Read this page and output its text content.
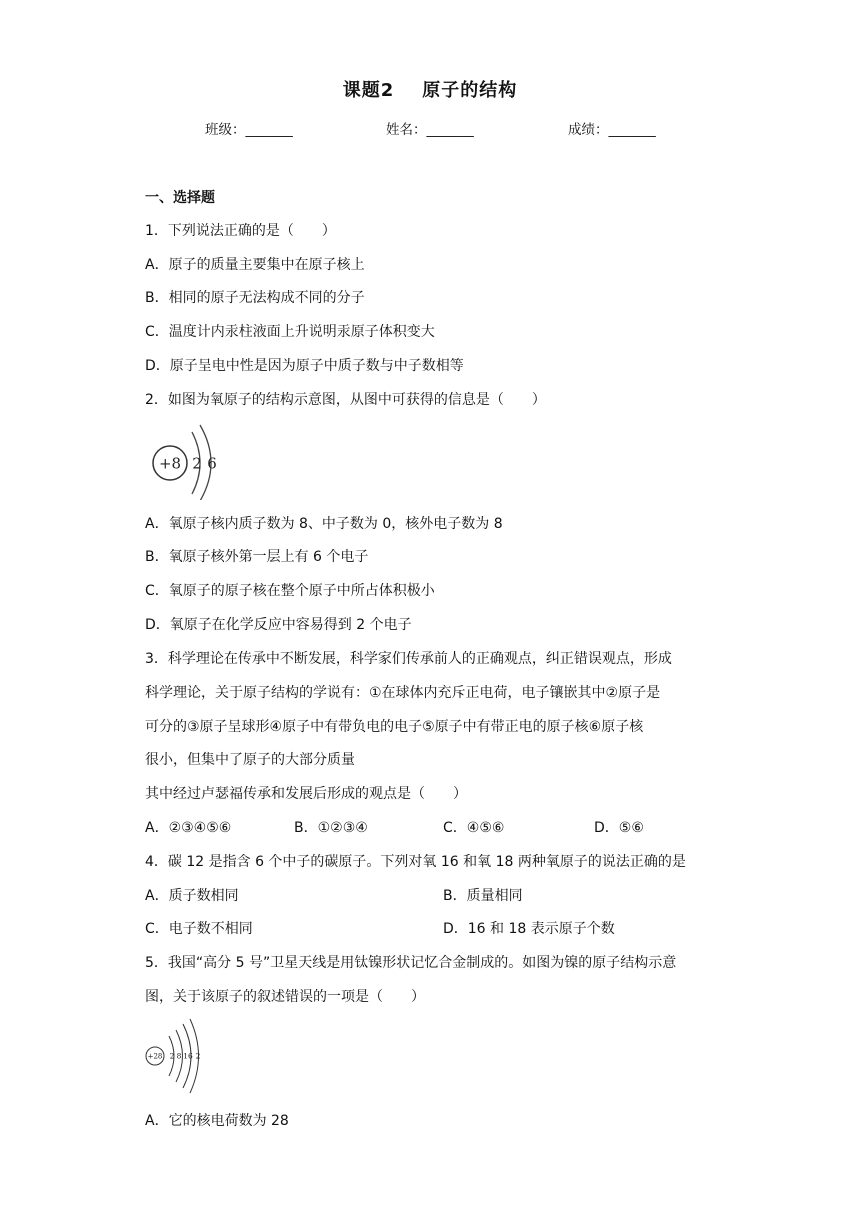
课题2 原子的结构
班级：_______	姓名：_______	成绩：_______
一、选择题
1．下列说法正确的是（　　）
A．原子的质量主要集中在原子核上
B．相同的原子无法构成不同的分子
C．温度计内汞柱液面上升说明汞原子体积变大
D．原子呈电中性是因为原子中质子数与中子数相等
2．如图为氧原子的结构示意图，从图中可获得的信息是（　　）
+8 2 6
A．氧原子核内质子数为 8、中子数为 0，核外电子数为 8
B．氧原子核外第一层上有 6 个电子
C．氧原子的原子核在整个原子中所占体积极小
D．氧原子在化学反应中容易得到 2 个电子
3．科学理论在传承中不断发展，科学家们传承前人的正确观点，纠正错误观点，形成
科学理论，关于原子结构的学说有：①在球体内充斥正电荷，电子镶嵌其中②原子是
可分的③原子呈球形④原子中有带负电的电子⑤原子中有带正电的原子核⑥原子核
很小，但集中了原子的大部分质量
其中经过卢瑟福传承和发展后形成的观点是（　　）
A．②③④⑤⑥	B．①②③④	C．④⑤⑥	D．⑤⑥
4．碳 12 是指含 6 个中子的碳原子。下列对氧 16 和氧 18 两种氧原子的说法正确的是
A．质子数相同	B．质量相同
C．电子数不相同	D．16 和 18 表示原子个数
5．我国“高分 5 号”卫星天线是用钛镍形状记忆合金制成的。如图为镍的原子结构示意
图，关于该原子的叙述错误的一项是（　　）
+28 2 8 16 2
A．它的核电荷数为 28
